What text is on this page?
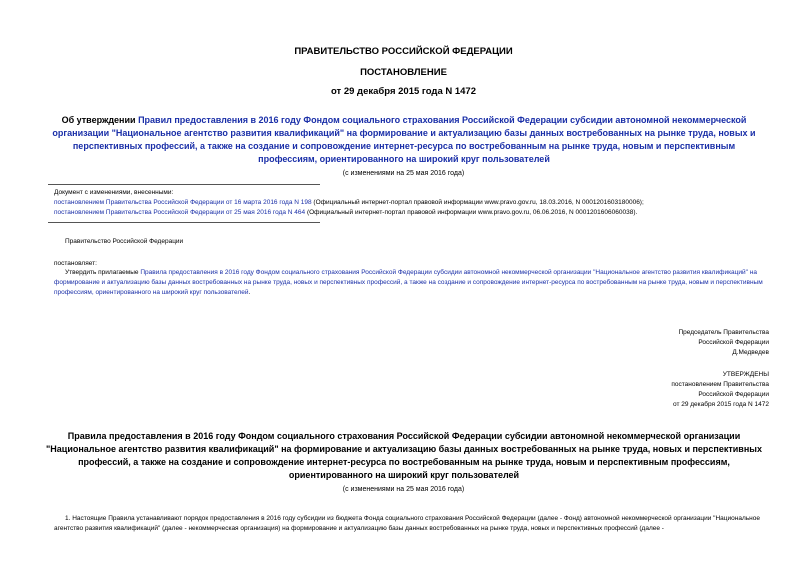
ПРАВИТЕЛЬСТВО РОССИЙСКОЙ ФЕДЕРАЦИИ
ПОСТАНОВЛЕНИЕ
от 29 декабря 2015 года N 1472
Об утверждении Правил предоставления в 2016 году Фондом социального страхования Российской Федерации субсидии автономной некоммерческой организации "Национальное агентство развития квалификаций" на формирование и актуализацию базы данных востребованных на рынке труда, новых и перспективных профессий, а также на создание и сопровождение интернет-ресурса по востребованным на рынке труда, новым и перспективным профессиям, ориентированного на широкий круг пользователей
(с изменениями на 25 мая 2016 года)
Документ с изменениями, внесенными:
постановлением Правительства Российской Федерации от 16 марта 2016 года N 198 (Официальный интернет-портал правовой информации www.pravo.gov.ru, 18.03.2016, N 0001201603180006);
постановлением Правительства Российской Федерации от 25 мая 2016 года N 464 (Официальный интернет-портал правовой информации www.pravo.gov.ru, 06.06.2016, N 0001201606060038).
Правительство Российской Федерации
постановляет:
Утвердить прилагаемые Правила предоставления в 2016 году Фондом социального страхования Российской Федерации субсидии автономной некоммерческой организации "Национальное агентство развития квалификаций" на формирование и актуализацию базы данных востребованных на рынке труда, новых и перспективных профессий, а также на создание и сопровождение интернет-ресурса по востребованным на рынке труда, новым и перспективным профессиям, ориентированного на широкий круг пользователей.
Председатель Правительства
Российской Федерации
Д.Медведев
УТВЕРЖДЕНЫ
постановлением Правительства
Российской Федерации
от 29 декабря 2015 года N 1472
Правила предоставления в 2016 году Фондом социального страхования Российской Федерации субсидии автономной некоммерческой организации "Национальное агентство развития квалификаций" на формирование и актуализацию базы данных востребованных на рынке труда, новых и перспективных профессий, а также на создание и сопровождение интернет-ресурса по востребованным на рынке труда, новым и перспективным профессиям, ориентированного на широкий круг пользователей
(с изменениями на 25 мая 2016 года)
1. Настоящие Правила устанавливают порядок предоставления в 2016 году субсидии из бюджета Фонда социального страхования Российской Федерации (далее - Фонд) автономной некоммерческой организации "Национальное агентство развития квалификаций" (далее - некоммерческая организация) на формирование и актуализацию базы данных востребованных на рынке труда, новых и перспективных профессий (далее -
